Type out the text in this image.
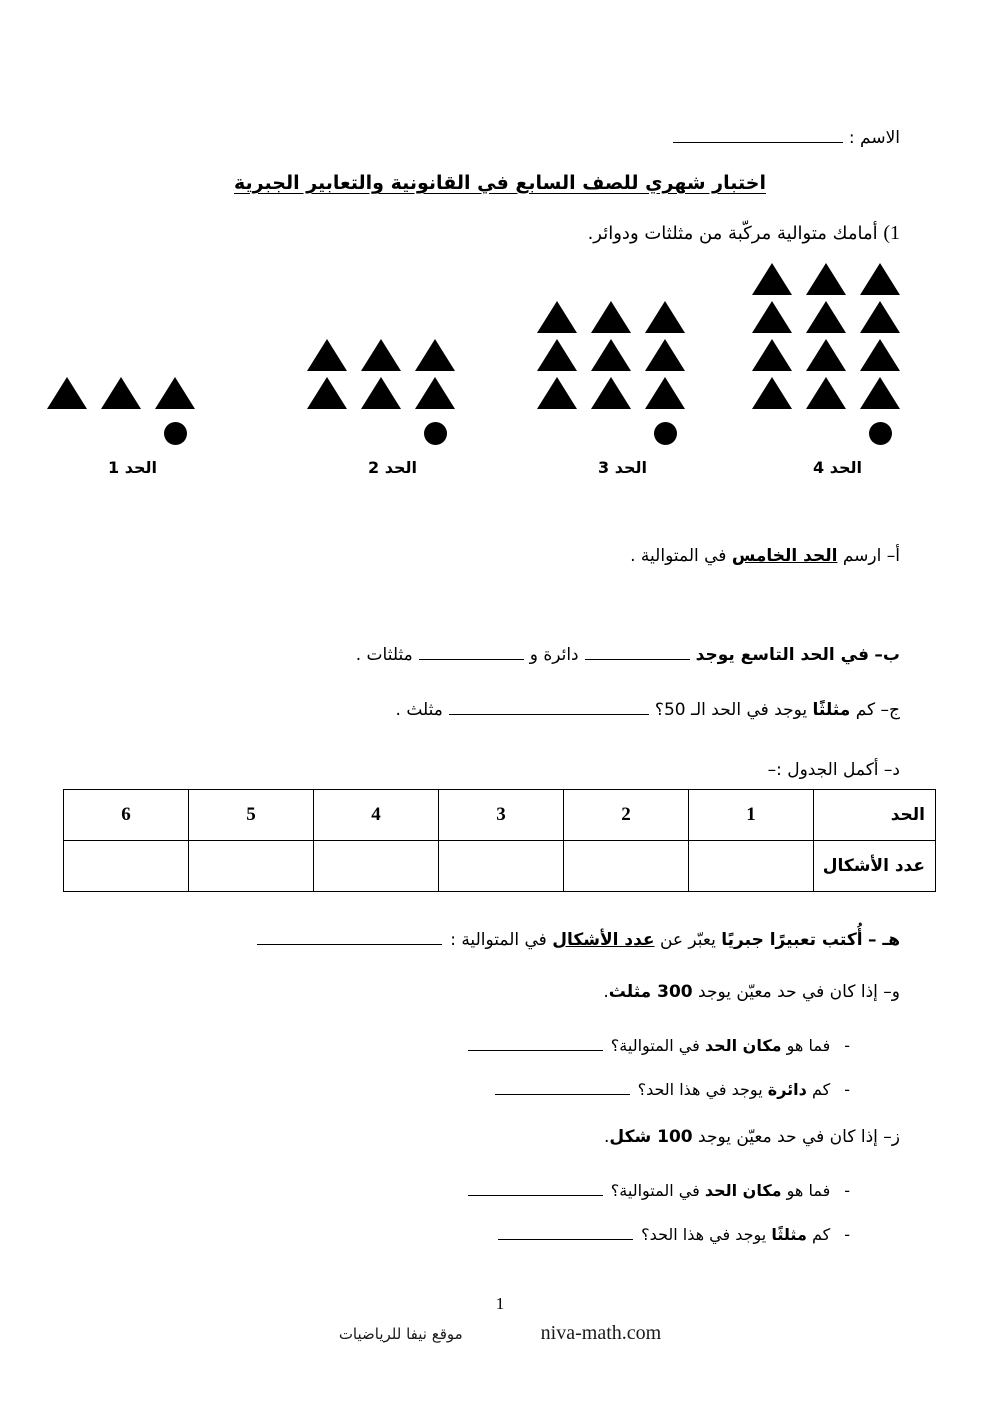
الاسم :
اختبار شهري للصف السابع في القانونية والتعابير الجبرية
1) أمامك متوالية مركّبة من مثلثات ودوائر.
الحد 1	الحد 2	الحد 3	الحد 4
أ–

ارسم

الحد الخامس

في المتوالية .
ب–

في الحد التاسع يوجد
دائرة و
مثلثات .
ج–

كم

مثلثًا

يوجد في الحد الـ 50؟
مثلث .
د–

أكمل الجدول :–
الحد	1	2	3	4	5	6
عدد الأشكال						
هـ –

أُكتب تعبيرًا جبريًا

يعبّر عن

عدد الأشكال

في المتوالية :
و–

إذا كان في حد معيّن يوجد

300 مثلث
.
-
فما هو

مكان الحد

في المتوالية؟
-
كم

دائرة

يوجد في هذا الحد؟
ز–

إذا كان في حد معيّن يوجد

100 شكل
.
-
فما هو

مكان الحد

في المتوالية؟
-
كم

مثلثًا

يوجد في هذا الحد؟
1
niva-math.com
موقع نيفا للرياضيات
